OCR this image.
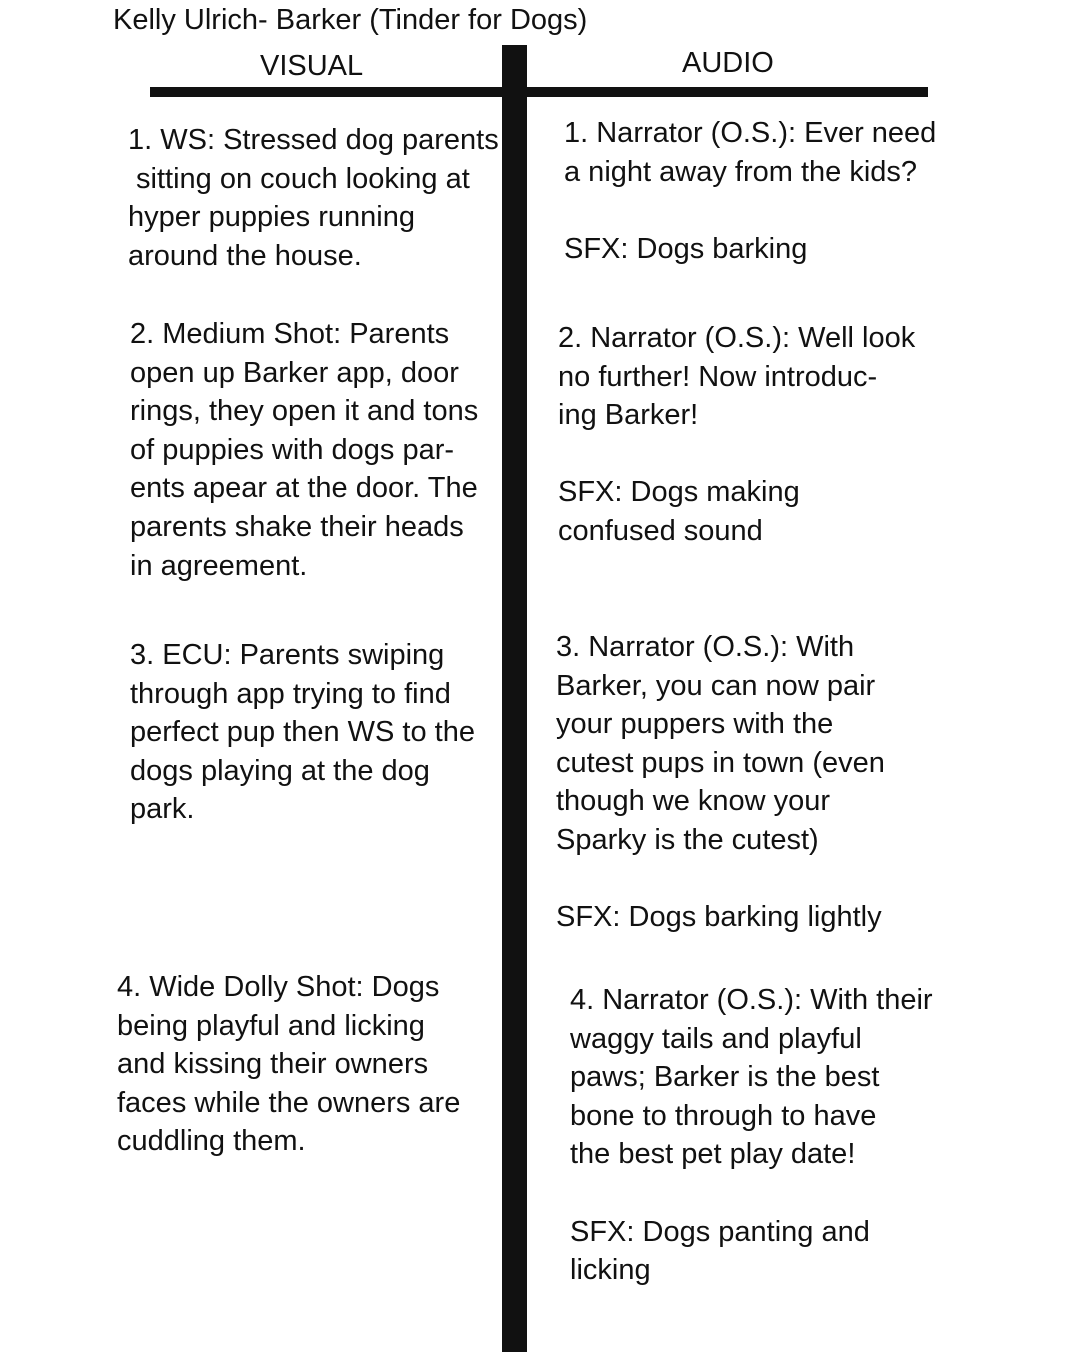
Kelly Ulrich- Barker (Tinder for Dogs)
VISUAL	AUDIO
1. WS: Stressed dog parents
sitting on couch looking at
hyper puppies running
around the house.
2. Medium Shot: Parents
open up Barker app, door
rings, they open it and tons
of puppies with dogs par-
ents apear at the door. The
parents shake their heads
in agreement.
3. ECU: Parents swiping
through app trying to find
perfect pup then WS to the
dogs playing at the dog
park.
4. Wide Dolly Shot: Dogs
being playful and licking
and kissing their owners
faces while the owners are
cuddling them.
1. Narrator (O.S.): Ever need
a night away from the kids?
SFX: Dogs barking
2. Narrator (O.S.): Well look
no further! Now introduc-
ing Barker!
SFX: Dogs making
confused sound
3. Narrator (O.S.): With
Barker, you can now pair
your puppers with the
cutest pups in town (even
though we know your
Sparky is the cutest)
SFX: Dogs barking lightly
4. Narrator (O.S.): With their
waggy tails and playful
paws; Barker is the best
bone to through to have
the best pet play date!
SFX: Dogs panting and
licking
